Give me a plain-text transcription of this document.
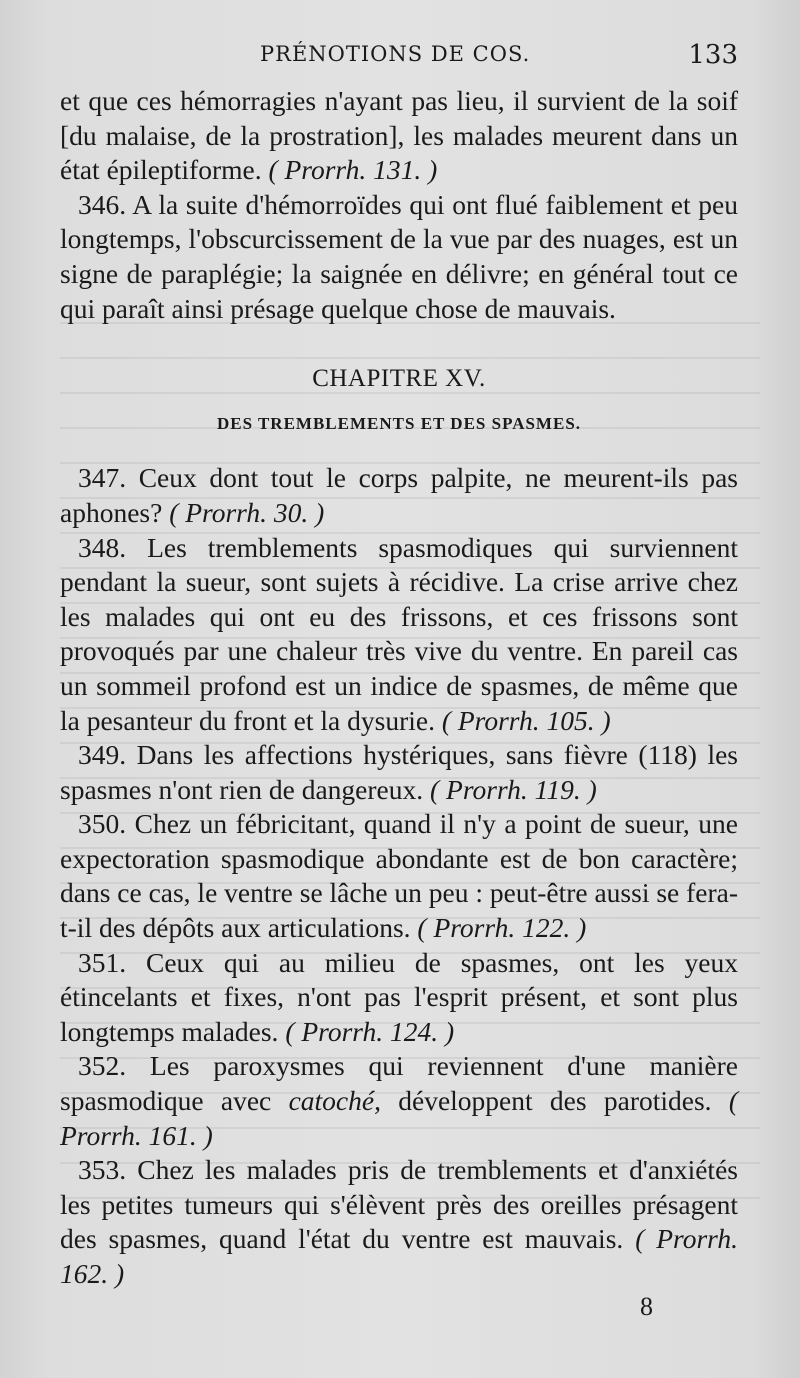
PRÉNOTIONS DE COS.	133

et que ces hémorragies n'ayant pas lieu, il survient de la soif [du malaise, de la prostration], les malades meurent dans un état épileptiforme. ( Prorrh. 131. )

346. A la suite d'hémorroïdes qui ont flué faiblement et peu longtemps, l'obscurcissement de la vue par des nuages, est un signe de paraplégie; la saignée en délivre; en général tout ce qui paraît ainsi présage quelque chose de mauvais.

CHAPITRE XV.
DES TREMBLEMENTS ET DES SPASMES.

347. Ceux dont tout le corps palpite, ne meurent-ils pas aphones? ( Prorrh. 30. )

348. Les tremblements spasmodiques qui surviennent pendant la sueur, sont sujets à récidive. La crise arrive chez les malades qui ont eu des frissons, et ces frissons sont provoqués par une chaleur très vive du ventre. En pareil cas un sommeil profond est un indice de spasmes, de même que la pesanteur du front et la dysurie. ( Prorrh. 105. )

349. Dans les affections hystériques, sans fièvre (118) les spasmes n'ont rien de dangereux. ( Prorrh. 119. )

350. Chez un fébricitant, quand il n'y a point de sueur, une expectoration spasmodique abondante est de bon caractère; dans ce cas, le ventre se lâche un peu : peut-être aussi se fera-t-il des dépôts aux articulations. ( Prorrh. 122. )

351. Ceux qui au milieu de spasmes, ont les yeux étincelants et fixes, n'ont pas l'esprit présent, et sont plus longtemps malades. ( Prorrh. 124. )

352. Les paroxysmes qui reviennent d'une manière spasmodique avec catoché, développent des parotides. ( Prorrh. 161. )

353. Chez les malades pris de tremblements et d'anxiétés les petites tumeurs qui s'élèvent près des oreilles présagent des spasmes, quand l'état du ventre est mauvais. ( Prorrh. 162. )

8
